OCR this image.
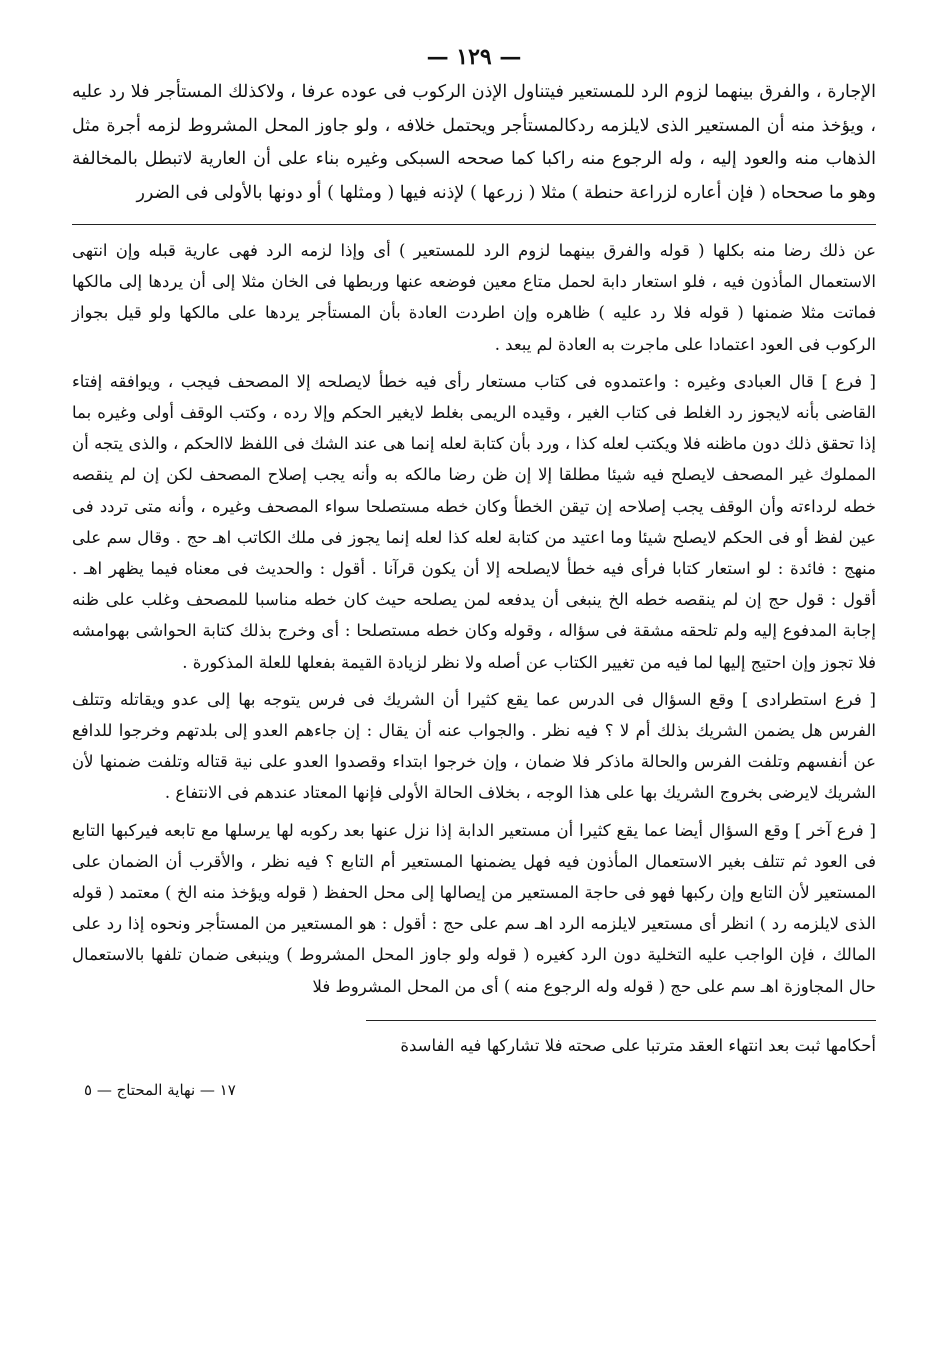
— ١٢٩ —
الإجارة ، والفرق بينهما لزوم الرد للمستعير فيتناول الإذن الركوب فى عوده عرفا ، ولاكذلك المستأجر فلا رد عليه ، ويؤخذ منه أن المستعير الذى لايلزمه ردكالمستأجر ويحتمل خلافه ، ولو جاوز المحل المشروط لزمه أجرة مثل الذهاب منه والعود إليه ، وله الرجوع منه راكبا كما صححه السبكى وغيره بناء على أن العارية لاتبطل بالمخالفة وهو ما صححاه ( فإن أعاره لزراعة حنطة ) مثلا ( زرعها ) لإذنه فيها ( ومثلها ) أو دونها بالأولى فى الضرر

عن ذلك رضا منه بكلها ( قوله والفرق بينهما لزوم الرد للمستعير ) أى وإذا لزمه الرد فهى عارية قبله وإن انتهى الاستعمال المأذون فيه ، فلو استعار دابة لحمل متاع معين فوضعه عنها وربطها فى الخان مثلا إلى أن يردها إلى مالكها فماتت مثلا ضمنها ( قوله فلا رد عليه ) ظاهره وإن اطردت العادة بأن المستأجر يردها على مالكها ولو قيل بجواز الركوب فى العود اعتمادا على ماجرت به العادة لم يبعد .

[ فرع ] قال العبادى وغيره : واعتمدوه فى كتاب مستعار رأى فيه خطأ لايصلحه إلا المصحف فيجب ، ويوافقه إفتاء القاضى بأنه لايجوز رد الغلط فى كتاب الغير ، وقيده الريمى بغلط لايغير الحكم وإلا رده ، وكتب الوقف أولى وغيره بما إذا تحقق ذلك دون ماظنه فلا ويكتب لعله كذا ، ورد بأن كتابة لعله إنما هى عند الشك فى اللفظ لاالحكم ، والذى يتجه أن المملوك غير المصحف لايصلح فيه شيئا مطلقا إلا إن ظن رضا مالكه به وأنه يجب إصلاح المصحف لكن إن لم ينقصه خطه لرداءته وأن الوقف يجب إصلاحه إن تيقن الخطأ وكان خطه مستصلحا سواء المصحف وغيره ، وأنه متى تردد فى عين لفظ أو فى الحكم لايصلح شيئا وما اعتيد من كتابة لعله كذا لعله إنما يجوز فى ملك الكاتب اهـ حج . وقال سم على منهج : فائدة : لو استعار كتابا فرأى فيه خطأ لايصلحه إلا أن يكون قرآنا . أقول : والحديث فى معناه فيما يظهر اهـ . أقول : قول حج إن لم ينقصه خطه الخ ينبغى أن يدفعه لمن يصلحه حيث كان خطه مناسبا للمصحف وغلب على ظنه إجابة المدفوع إليه ولم تلحقه مشقة فى سؤاله ، وقوله وكان خطه مستصلحا : أى وخرج بذلك كتابة الحواشى بهوامشه فلا تجوز وإن احتيج إليها لما فيه من تغيير الكتاب عن أصله ولا نظر لزيادة القيمة بفعلها للعلة المذكورة .

[ فرع استطرادى ] وقع السؤال فى الدرس عما يقع كثيرا أن الشريك فى فرس يتوجه بها إلى عدو ويقاتله وتتلف الفرس هل يضمن الشريك بذلك أم لا ؟ فيه نظر . والجواب عنه أن يقال : إن جاءهم العدو إلى بلدتهم وخرجوا للدافع عن أنفسهم وتلفت الفرس والحالة ماذكر فلا ضمان ، وإن خرجوا ابتداء وقصدوا العدو على نية قتاله وتلفت ضمنها لأن الشريك لايرضى بخروج الشريك بها على هذا الوجه ، بخلاف الحالة الأولى فإنها المعتاد عندهم فى الانتفاع .

[ فرع آخر ] وقع السؤال أيضا عما يقع كثيرا أن مستعير الدابة إذا نزل عنها بعد ركوبه لها يرسلها مع تابعه فيركبها التابع فى العود ثم تتلف بغير الاستعمال المأذون فيه فهل يضمنها المستعير أم التابع ؟ فيه نظر ، والأقرب أن الضمان على المستعير لأن التابع وإن ركبها فهو فى حاجة المستعير من إيصالها إلى محل الحفظ ( قوله ويؤخذ منه الخ ) معتمد ( قوله الذى لايلزمه رد ) انظر أى مستعير لايلزمه الرد اهـ سم على حج : أقول : هو المستعير من المستأجر ونحوه إذا رد على المالك ، فإن الواجب عليه التخلية دون الرد كغيره ( قوله ولو جاوز المحل المشروط ) وينبغى ضمان تلفها بالاستعمال حال المجاوزة اهـ سم على حج ( قوله وله الرجوع منه ) أى من المحل المشروط فلا

أحكامها ثبت بعد انتهاء العقد مترتبا على صحته فلا تشاركها فيه الفاسدة
١٧ — نهاية المحتاج — ٥
